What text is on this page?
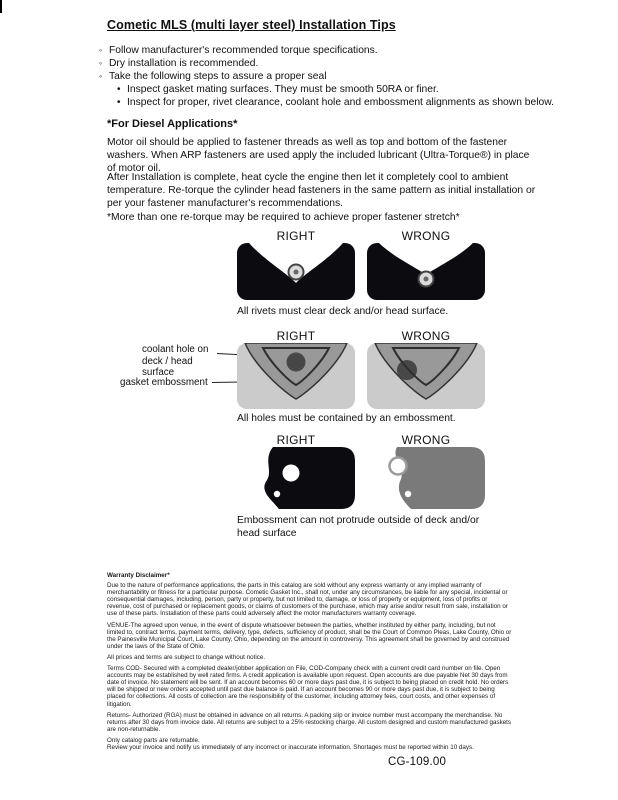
Cometic MLS (multi layer steel) Installation Tips
◦ Follow manufacturer's recommended torque specifications.
◦ Dry installation is recommended.
◦ Take the following steps to assure a proper seal
• Inspect gasket mating surfaces. They must be smooth 50RA or finer.
• Inspect for proper, rivet clearance, coolant hole and embossment alignments as shown below.
*For Diesel Applications*
Motor oil should be applied to fastener threads as well as top and bottom of the fastener washers. When ARP fasteners are used apply the included lubricant (Ultra-Torque®) in place of motor oil.
After Installation is complete, heat cycle the engine then let it completely cool to ambient temperature. Re-torque the cylinder head fasteners in the same pattern as initial installation or per your fastener manufacturer's recommendations.
*More than one re-torque may be required to achieve proper fastener stretch*
RIGHT	WRONG
All rivets must clear deck and/or head surface.
RIGHT	WRONG
coolant hole on deck / head surface
gasket embossment
All holes must be contained by an embossment.
RIGHT	WRONG
Embossment can not protrude outside of deck and/or head surface

Warranty Disclaimer*

Due to the nature of performance applications, the parts in this catalog are sold without any express warranty or any implied warranty of merchantability or fitness for a particular purpose. Cometic Gasket Inc., shall not, under any circumstances, be liable for any special, incidental or consequential damages, including, person, party or property, but not limited to, damage, or loss of property or equipment, loss of profits or revenue, cost of purchased or replacement goods, or claims of customers of the purchase, which may arise and/or result from sale, installation or use of these parts. Installation of these parts could adversely affect the motor manufacturers warranty coverage.

VENUE-The agreed upon venue, in the event of dispute whatsoever between the parties, whether instituted by either party, including, but not limited to, contract terms, payment terms, delivery, type, defects, sufficiency of product, shall be the Court of Common Pleas, Lake County, Ohio or the Painesville Municipal Court, Lake County, Ohio, depending on the amount in controversy. This agreement shall be governed by and construed under the laws of the State of Ohio.

All prices and terms are subject to change without notice.

Terms COD- Secured with a completed dealer/jobber application on File, COD-Company check with a current credit card number on file. Open accounts may be established by well rated firms. A credit application is available upon request. Open accounts are due payable Net 30 days from date of invoice. No statement will be sent. If an account becomes 60 or more days past due, it is subject to being placed on credit hold. No orders will be shipped or new orders accepted until past due balance is paid. If an account becomes 90 or more days past due, it is subject to being placed for collections. All costs of collection are the responsibility of the customer, including attorney fees, court costs, and other expenses of litigation.

Returns- Authorized (RGA) must be obtained in advance on all returns. A packing slip or invoice number must accompany the merchandise. No returns after 30 days from invoice date. All returns are subject to a 25% restocking charge. All custom designed and custom manufactured gaskets are non-returnable.

Only catalog parts are returnable.

Review your invoice and notify us immediately of any incorrect or inaccurate information. Shortages must be reported within 10 days.

CG-109.00
